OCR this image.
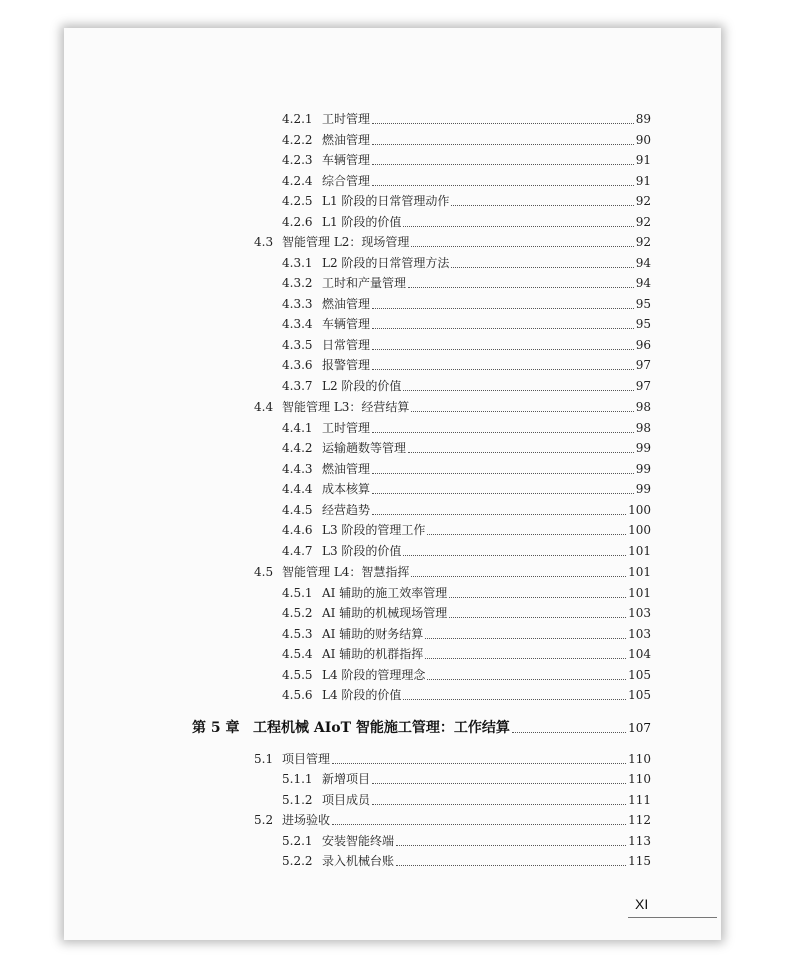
4.2.1 工时管理	89
4.2.2 燃油管理	90
4.2.3 车辆管理	91
4.2.4 综合管理	91
4.2.5 L1 阶段的日常管理动作	92
4.2.6 L1 阶段的价值	92
4.3 智能管理 L2：现场管理	92
4.3.1 L2 阶段的日常管理方法	94
4.3.2 工时和产量管理	94
4.3.3 燃油管理	95
4.3.4 车辆管理	95
4.3.5 日常管理	96
4.3.6 报警管理	97
4.3.7 L2 阶段的价值	97
4.4 智能管理 L3：经营结算	98
4.4.1 工时管理	98
4.4.2 运输趟数等管理	99
4.4.3 燃油管理	99
4.4.4 成本核算	99
4.4.5 经营趋势	100
4.4.6 L3 阶段的管理工作	100
4.4.7 L3 阶段的价值	101
4.5 智能管理 L4：智慧指挥	101
4.5.1 AI 辅助的施工效率管理	101
4.5.2 AI 辅助的机械现场管理	103
4.5.3 AI 辅助的财务结算	103
4.5.4 AI 辅助的机群指挥	104
4.5.5 L4 阶段的管理理念	105
4.5.6 L4 阶段的价值	105
第 5 章 工程机械 AIoT 智能施工管理：工作结算	107
5.1 项目管理	110
5.1.1 新增项目	110
5.1.2 项目成员	111
5.2 进场验收	112
5.2.1 安装智能终端	113
5.2.2 录入机械台账	115
XI
